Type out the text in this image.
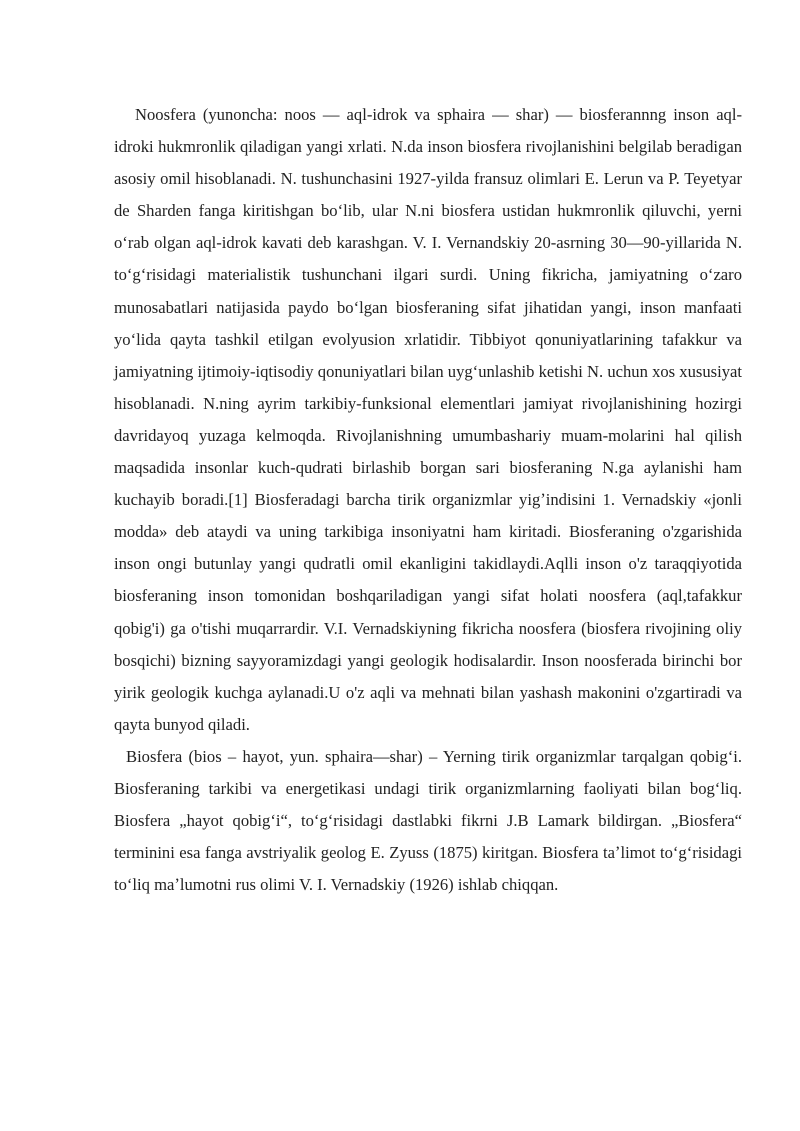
Noosfera (yunoncha: noos — aql-idrok va sphaira — shar) — biosferannng inson aql-idroki hukmronlik qiladigan yangi xrlati. N.da inson biosfera rivojlanishini belgilab beradigan asosiy omil hisoblanadi. N. tushunchasini 1927-yilda fransuz olimlari E. Lerun va P. Teyetyar de Sharden fanga kiritishgan boʻlib, ular N.ni biosfera ustidan hukmronlik qiluvchi, yerni oʻrab olgan aql-idrok kavati deb karashgan. V. I. Vernandskiy 20-asrning 30—90-yillarida N. toʻgʻrisidagi materialistik tushunchani ilgari surdi. Uning fikricha, jamiyatning oʻzaro munosabatlari natijasida paydo boʻlgan biosferaning sifat jihatidan yangi, inson manfaati yoʻlida qayta tashkil etilgan evolyusion xrlatidir. Tibbiyot qonuniyatlarining tafakkur va jamiyatning ijtimoiy-iqtisodiy qonuniyatlari bilan uygʻunlashib ketishi N. uchun xos xususiyat hisoblanadi. N.ning ayrim tarkibiy-funksional elementlari jamiyat rivojlanishining hozirgi davridayoq yuzaga kelmoqda. Rivojlanishning umumbashariy muam-molarini hal qilish maqsadida insonlar kuch-qudrati birlashib borgan sari biosferaning N.ga aylanishi ham kuchayib boradi.[1] Biosferadagi barcha tirik organizmlar yigʼindisini 1. Vernadskiy «jonli modda» deb ataydi va uning tarkibiga insoniyatni ham kiritadi. Biosferaning o'zgarishida inson ongi butunlay yangi qudratli omil ekanligini takidlaydi.Aqlli inson o'z taraqqiyotida biosferaning inson tomonidan boshqariladigan yangi sifat holati noosfera (aql,tafakkur qobig'i) ga o'tishi muqarrardir. V.I. Vernadskiyning fikricha noosfera (biosfera rivojining oliy bosqichi) bizning sayyoramizdagi yangi geologik hodisalardir. Inson noosferada birinchi bor yirik geologik kuchga aylanadi.U o'z aqli va mehnati bilan yashash makonini o'zgartiradi va qayta bunyod qiladi.

Biosfera (bios – hayot, yun. sphaira—shar) – Yerning tirik organizmlar tarqalgan qobigʻi. Biosferaning tarkibi va energetikasi undagi tirik organizmlarning faoliyati bilan bogʻliq. Biosfera „hayot qobigʻi“, toʻgʻrisidagi dastlabki fikrni J.B Lamark bildirgan. „Biosfera“ terminini esa fanga avstriyalik geolog E. Zyuss (1875) kiritgan. Biosfera taʼlimot toʻgʻrisidagi toʻliq maʼlumotni rus olimi V. I. Vernadskiy (1926) ishlab chiqqan.
